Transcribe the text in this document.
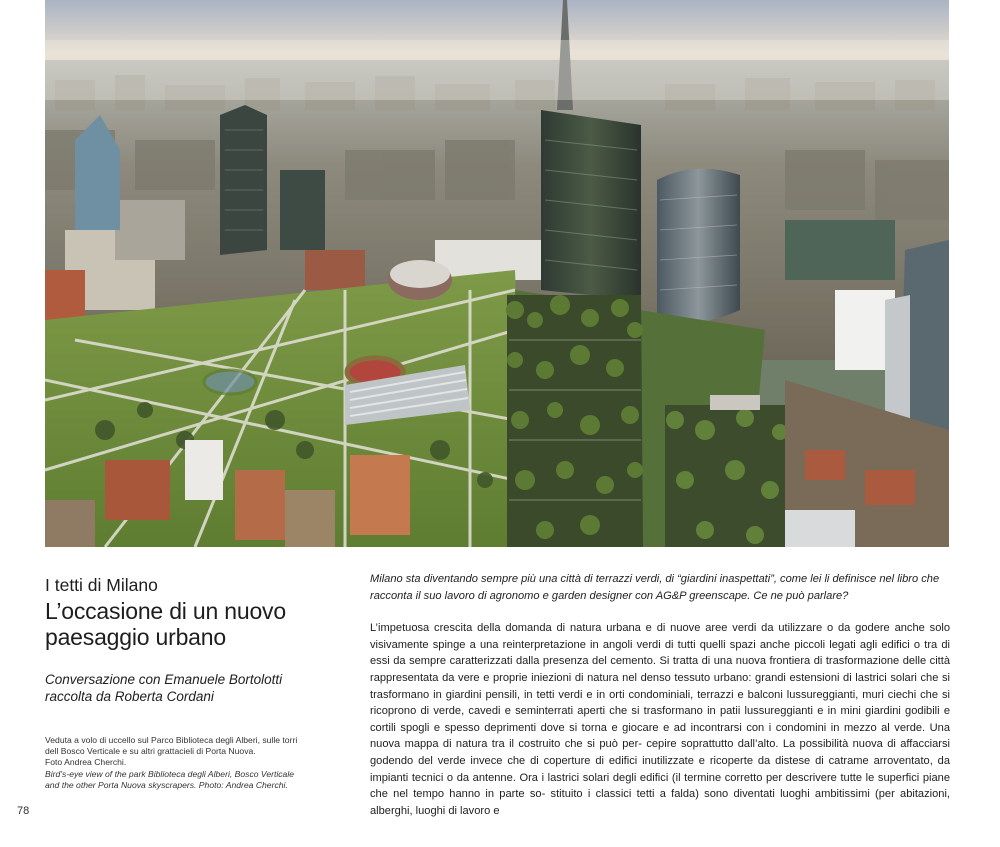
I tetti di Milano
L’occasione di un nuovo paesaggio urbano

Conversazione con Emanuele Bortolotti
raccolta da Roberta Cordani

Veduta a volo di uccello sul Parco Biblioteca degli Alberi, sulle torri

dell Bosco Verticale e su altri grattacieli di Porta Nuova.

Foto Andrea Cherchi.

Bird’s-eye view of the park Biblioteca degli Alberi, Bosco Verticale

and the other Porta Nuova skyscrapers. Photo: Andrea Cherchi.

Milano sta diventando sempre più una città di terrazzi verdi, di “giardini inaspettati”, come lei li definisce nel libro che racconta il suo lavoro di agronomo e garden designer con AG&P greenscape. Ce ne può parlare?

L’impetuosa crescita della domanda di natura urbana e di nuove aree verdi da utilizzare o da godere anche solo visivamente spinge a una reinterpretazione in angoli verdi di tutti quelli spazi anche piccoli legati agli edifici o tra di essi da sempre caratterizzati dalla presenza del cemento. Si tratta di una nuova frontiera di trasformazione delle città rappresentata da vere e proprie iniezioni di natura nel denso tessuto urbano: grandi estensioni di lastrici solari che si trasformano in giardini pensili, in tetti verdi e in orti condominiali, terrazzi e balconi lussureggianti, muri ciechi che si ricoprono di verde, cavedi e seminterrati aperti che si trasformano in patii lussureggianti e in mini giardini godibili e cortili spogli e spesso deprimenti dove si torna e giocare e ad incontrarsi con i condomini in mezzo al verde. Una nuova mappa di natura tra il costruito che si può per- cepire soprattutto dall’alto. La possibilità nuova di affacciarsi godendo del verde invece che di coperture di edifici inutilizzate e ricoperte da distese di catrame arroventato, da impianti tecnici o da antenne. Ora i lastrici solari degli edifici (il termine corretto per descrivere tutte le superfici piane che nel tempo hanno in parte so- stituito i classici tetti a falda) sono diventati luoghi ambitissimi (per abitazioni, alberghi, luoghi di lavoro e

78
